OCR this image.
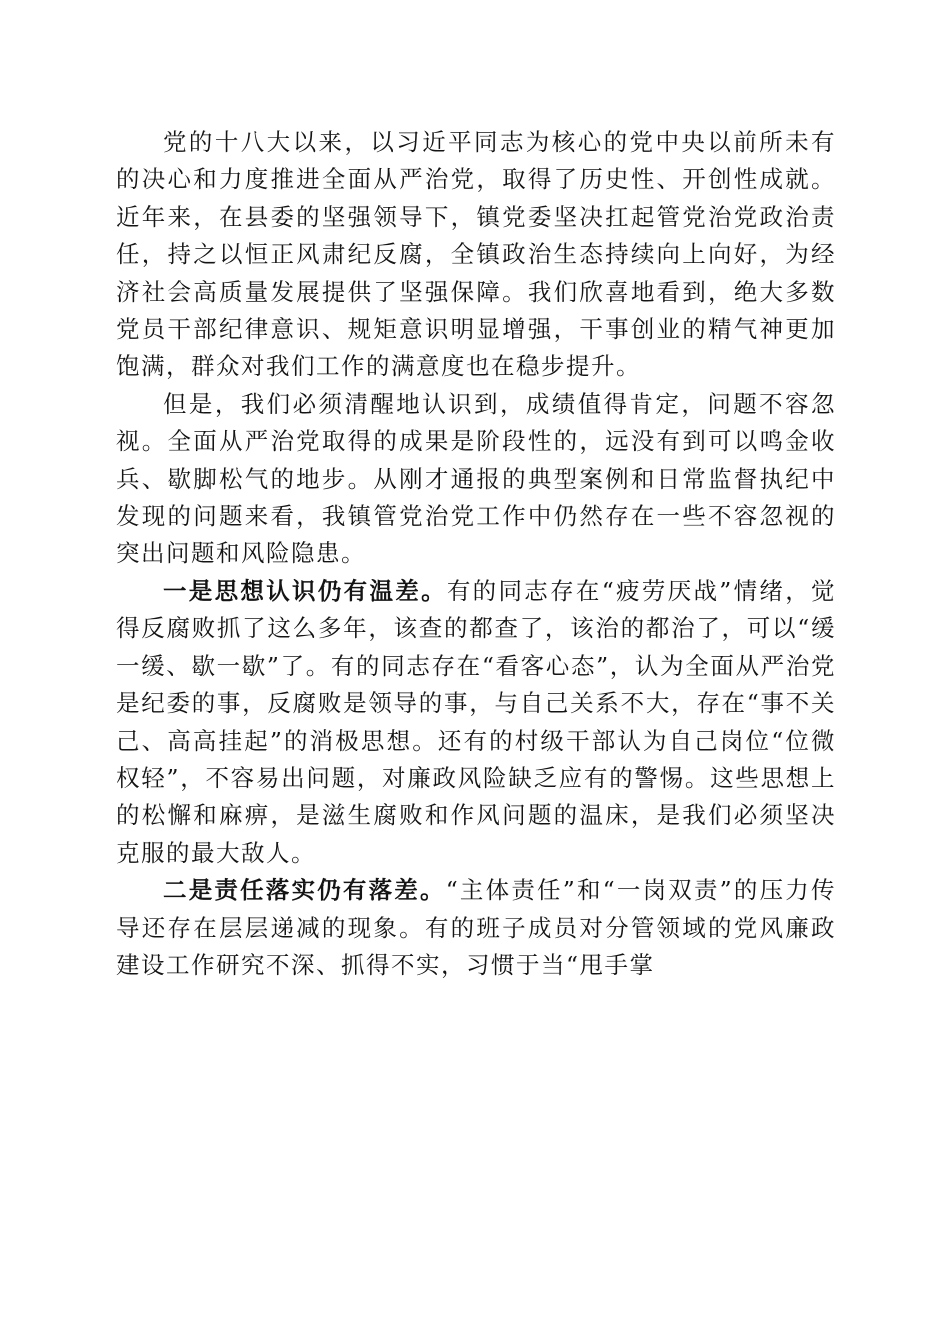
党的十八大以来，以习近平同志为核心的党中央以前所未有的决心和力度推进全面从严治党，取得了历史性、开创性成就。近年来，在县委的坚强领导下，镇党委坚决扛起管党治党政治责任，持之以恒正风肃纪反腐，全镇政治生态持续向上向好，为经济社会高质量发展提供了坚强保障。我们欣喜地看到，绝大多数党员干部纪律意识、规矩意识明显增强，干事创业的精气神更加饱满，群众对我们工作的满意度也在稳步提升。

但是，我们必须清醒地认识到，成绩值得肯定，问题不容忽视。全面从严治党取得的成果是阶段性的，远没有到可以鸣金收兵、歇脚松气的地步。从刚才通报的典型案例和日常监督执纪中发现的问题来看，我镇管党治党工作中仍然存在一些不容忽视的突出问题和风险隐患。

一是思想认识仍有温差。有的同志存在“疲劳厌战”情绪，觉得反腐败抓了这么多年，该查的都查了，该治的都治了，可以“缓一缓、歇一歇”了。有的同志存在“看客心态”，认为全面从严治党是纪委的事，反腐败是领导的事，与自己关系不大，存在“事不关己、高高挂起”的消极思想。还有的村级干部认为自己岗位“位微权轻”，不容易出问题，对廉政风险缺乏应有的警惕。这些思想上的松懈和麻痹，是滋生腐败和作风问题的温床，是我们必须坚决克服的最大敌人。

二是责任落实仍有落差。“主体责任”和“一岗双责”的压力传导还存在层层递减的现象。有的班子成员对分管领域的党风廉政建设工作研究不深、抓得不实，习惯于当“甩手掌
